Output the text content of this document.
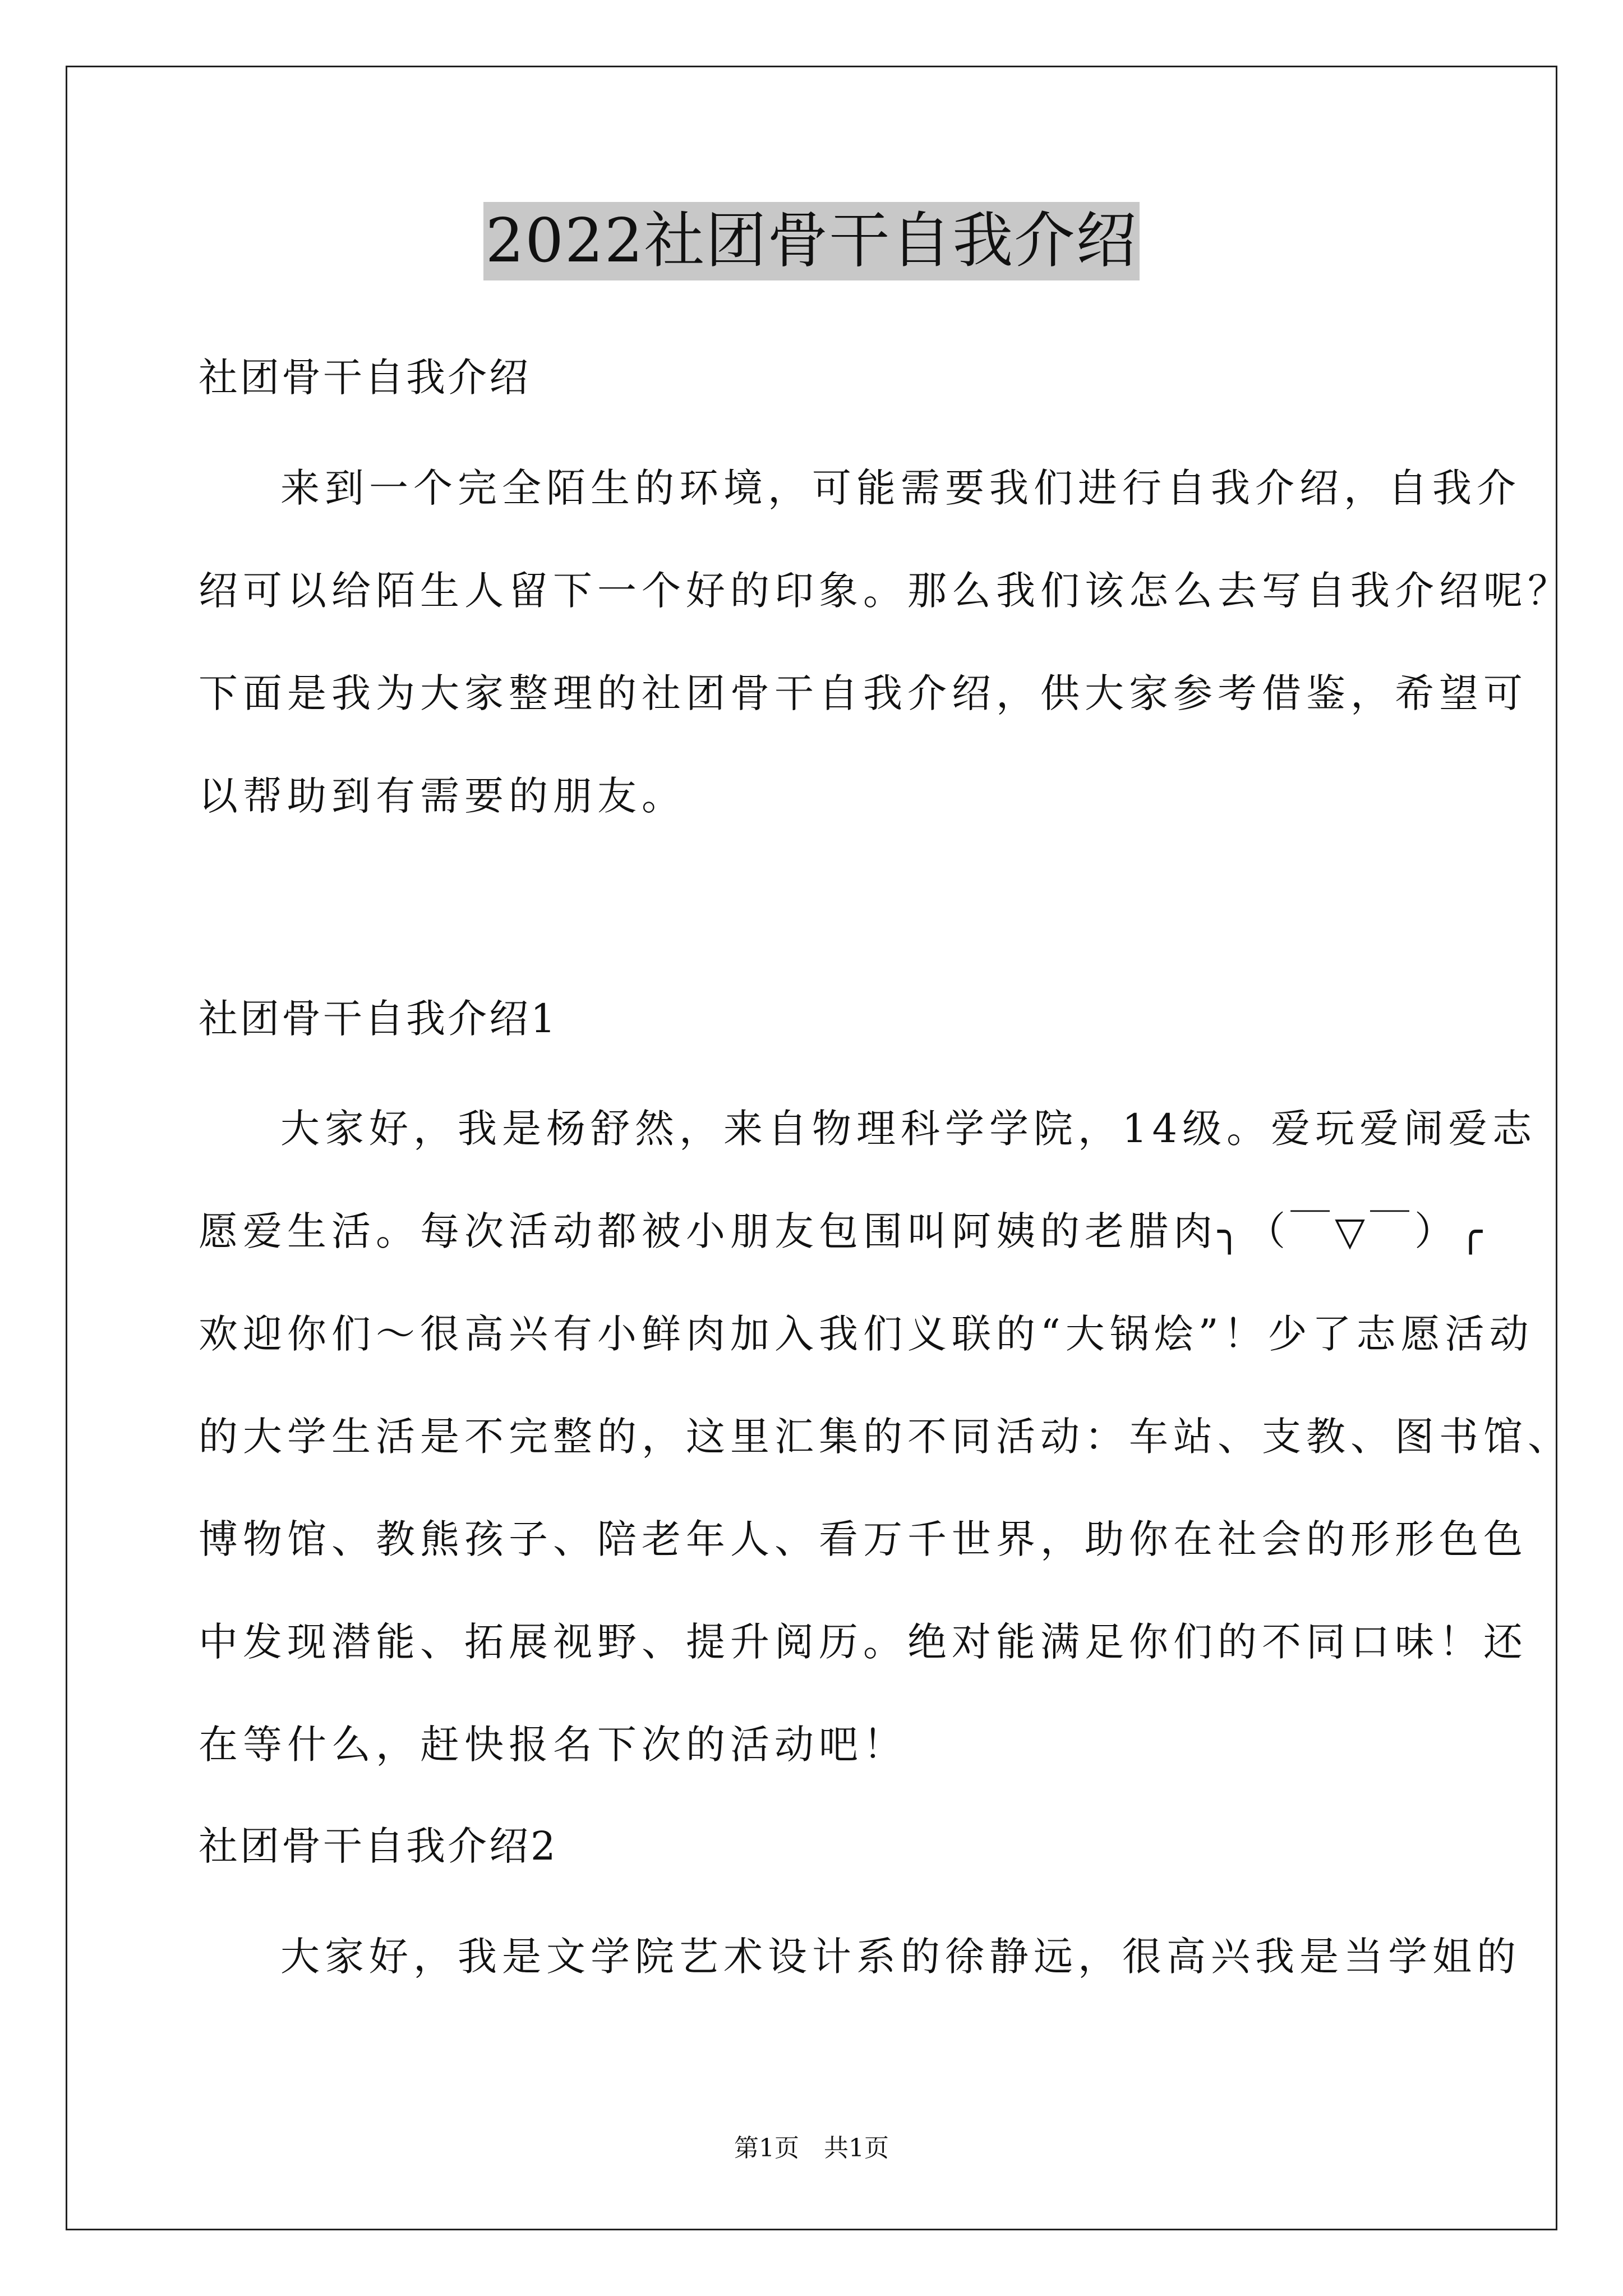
2022社团骨干自我介绍
社团骨干自我介绍
来到一个完全陌生的环境，可能需要我们进行自我介绍，自我介
绍可以给陌生人留下一个好的印象。那么我们该怎么去写自我介绍呢？
下面是我为大家整理的社团骨干自我介绍，供大家参考借鉴，希望可
以帮助到有需要的朋友。
社团骨干自我介绍1
大家好，我是杨舒然，来自物理科学学院，14级。爱玩爱闹爱志
愿爱生活。每次活动都被小朋友包围叫阿姨的老腊肉╮（￣▽￣）╭
欢迎你们～很高兴有小鲜肉加入我们义联的“大锅烩”！少了志愿活动
的大学生活是不完整的，这里汇集的不同活动：车站、支教、图书馆、
博物馆、教熊孩子、陪老年人、看万千世界，助你在社会的形形色色
中发现潜能、拓展视野、提升阅历。绝对能满足你们的不同口味！还
在等什么，赶快报名下次的活动吧！
社团骨干自我介绍2
大家好，我是文学院艺术设计系的徐静远，很高兴我是当学姐的
第1页　共1页
